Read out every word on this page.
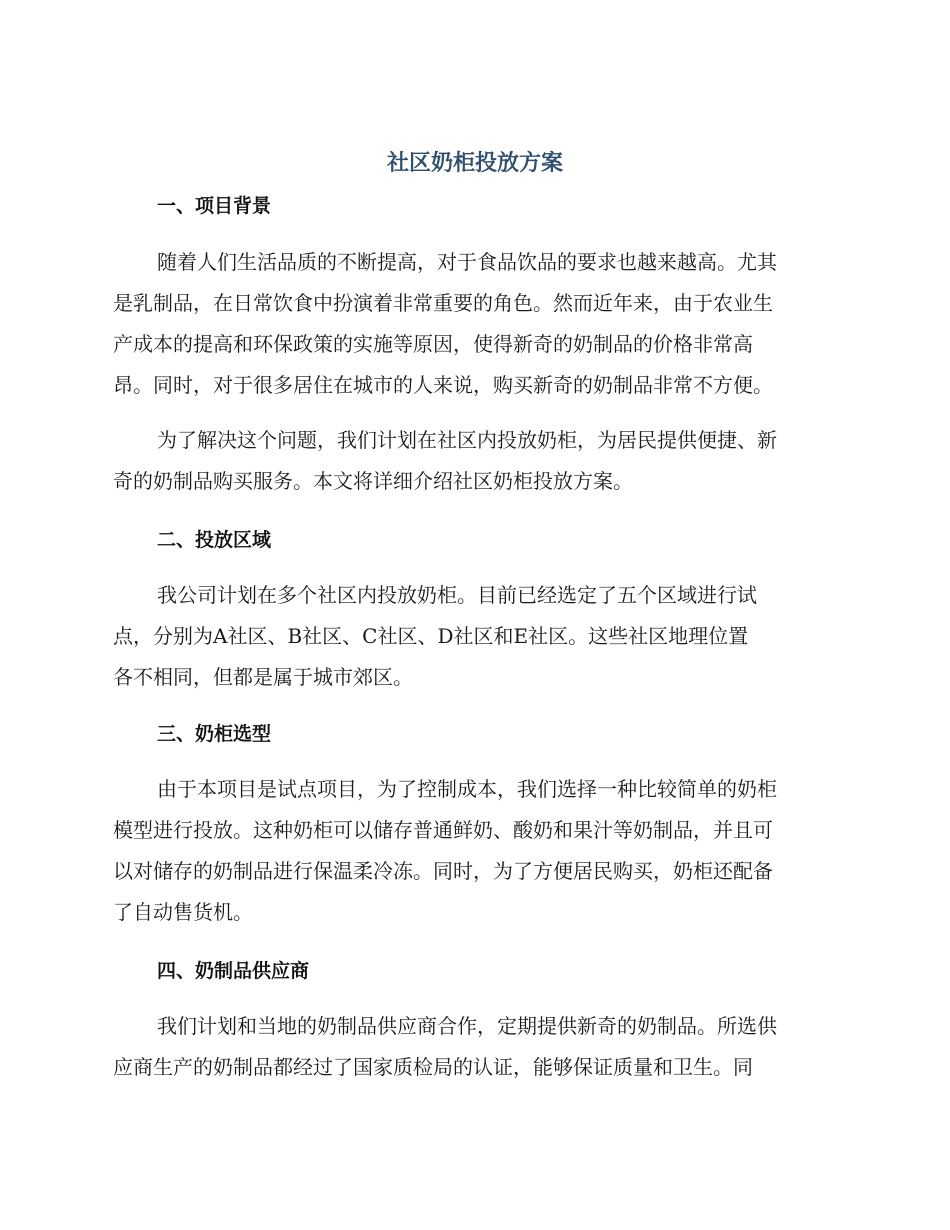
社区奶柜投放方案
一、项目背景
随着人们生活品质的不断提高，对于食品饮品的要求也越来越高。尤其
是乳制品，在日常饮食中扮演着非常重要的角色。然而近年来，由于农业生
产成本的提高和环保政策的实施等原因，使得新奇的奶制品的价格非常高
昂。同时，对于很多居住在城市的人来说，购买新奇的奶制品非常不方便。
为了解决这个问题，我们计划在社区内投放奶柜，为居民提供便捷、新
奇的奶制品购买服务。本文将详细介绍社区奶柜投放方案。
二、投放区域
我公司计划在多个社区内投放奶柜。目前已经选定了五个区域进行试
点，分别为A社区、B社区、C社区、D社区和E社区。这些社区地理位置
各不相同，但都是属于城市郊区。
三、奶柜选型
由于本项目是试点项目，为了控制成本，我们选择一种比较简单的奶柜
模型进行投放。这种奶柜可以储存普通鲜奶、酸奶和果汁等奶制品，并且可
以对储存的奶制品进行保温柔冷冻。同时，为了方便居民购买，奶柜还配备
了自动售货机。
四、奶制品供应商
我们计划和当地的奶制品供应商合作，定期提供新奇的奶制品。所选供
应商生产的奶制品都经过了国家质检局的认证，能够保证质量和卫生。同
